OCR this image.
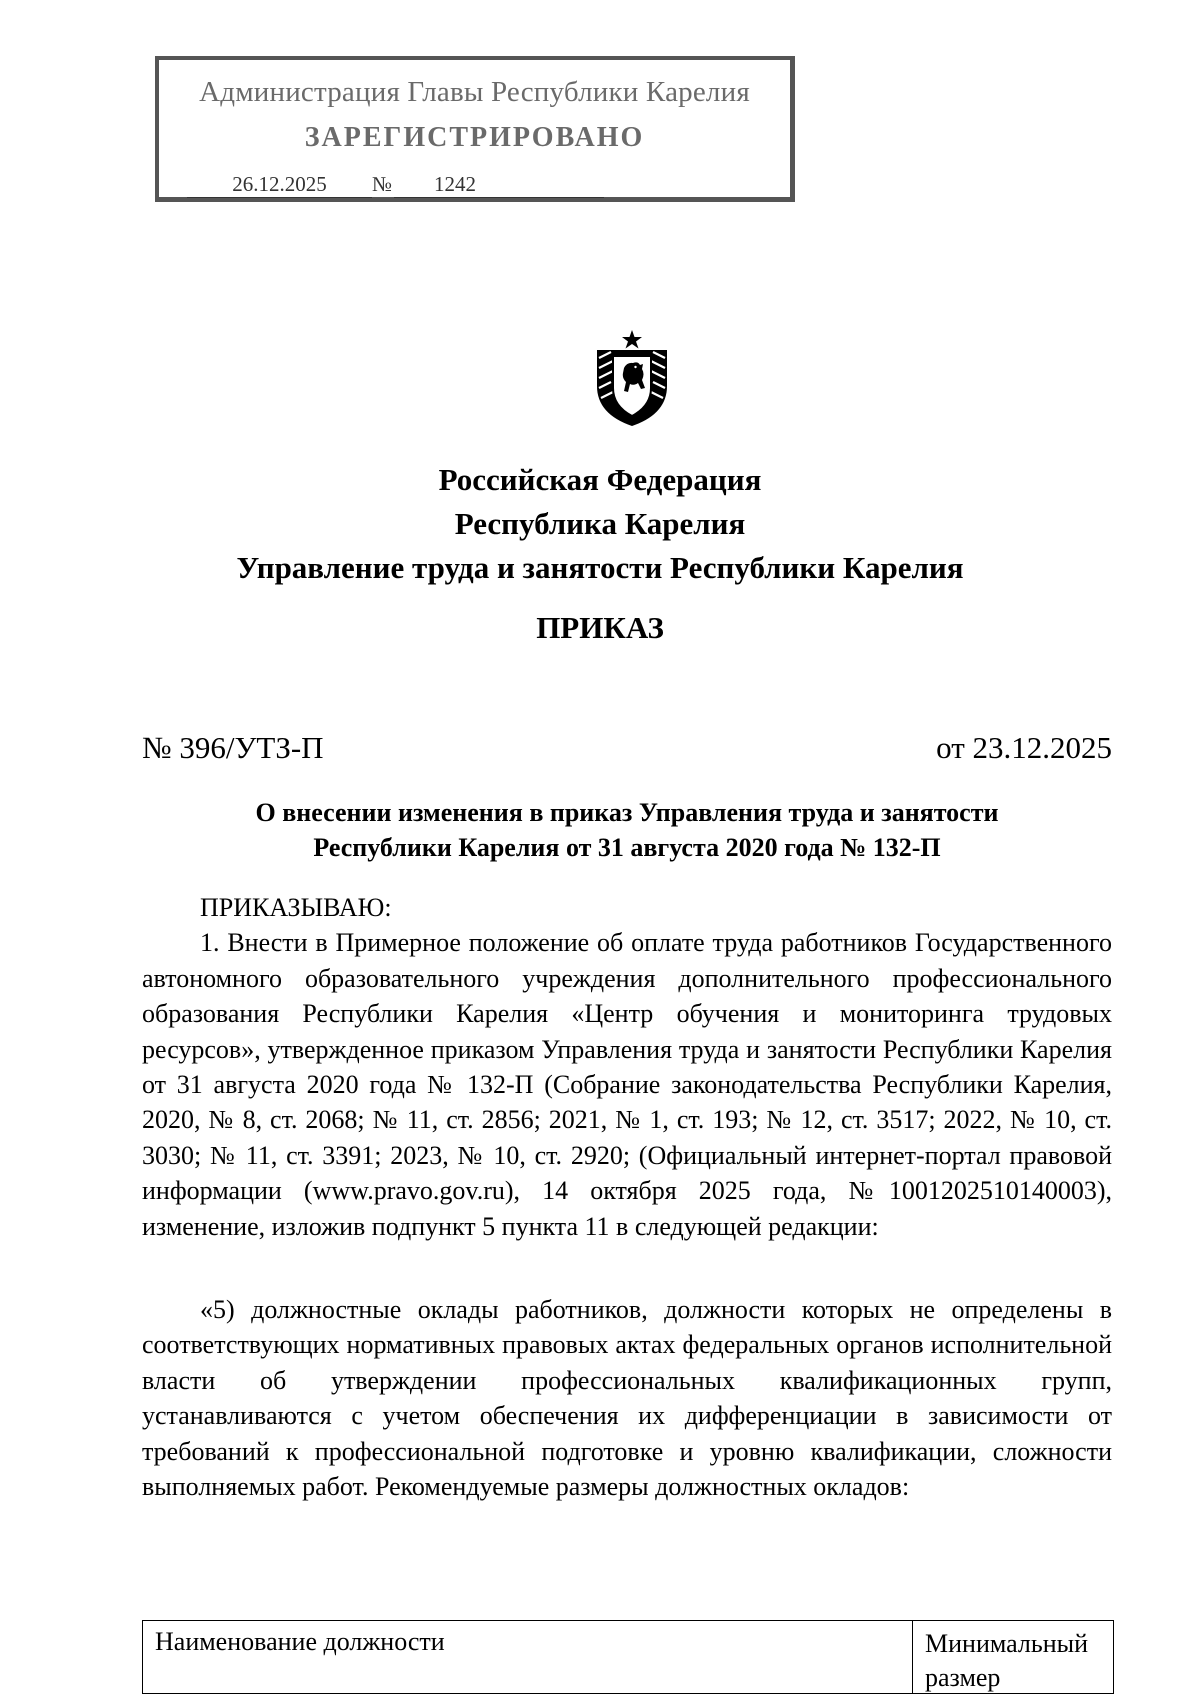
Администрация Главы Республики Карелия
ЗАРЕГИСТРИРОВАНО
26.12.2025 № 1242
Российская Федерация
Республика Карелия
Управление труда и занятости Республики Карелия
ПРИКАЗ
№ 396/УТЗ-П	от 23.12.2025
О внесении изменения в приказ Управления труда и занятости
Республики Карелия от 31 августа 2020 года № 132-П

ПРИКАЗЫВАЮ:

1. Внести в Примерное положение об оплате труда работников Государственного автономного образовательного учреждения дополнительного профессионального образования Республики Карелия «Центр обучения и мониторинга трудовых ресурсов», утвержденное приказом Управления труда и занятости Республики Карелия от 31 августа 2020 года № 132-П (Собрание законодательства Республики Карелия, 2020, № 8, ст. 2068; № 11, ст. 2856; 2021, № 1, ст. 193; № 12, ст. 3517; 2022, № 10, ст. 3030; № 11, ст. 3391; 2023, № 10, ст. 2920; (Официальный интернет-портал правовой информации (www.pravo.gov.ru), 14 октября 2025 года, №1001202510140003), изменение, изложив подпункт 5 пункта 11 в следующей редакции:

«5) должностные оклады работников, должности которых не определены в соответствующих нормативных правовых актах федеральных органов исполнительной власти об утверждении профессиональных квалификационных групп, устанавливаются с учетом обеспечения их дифференциации в зависимости от требований к профессиональной подготовке и уровню квалификации, сложности выполняемых работ. Рекомендуемые размеры должностных окладов:

Наименование должности	Минимальный размер
